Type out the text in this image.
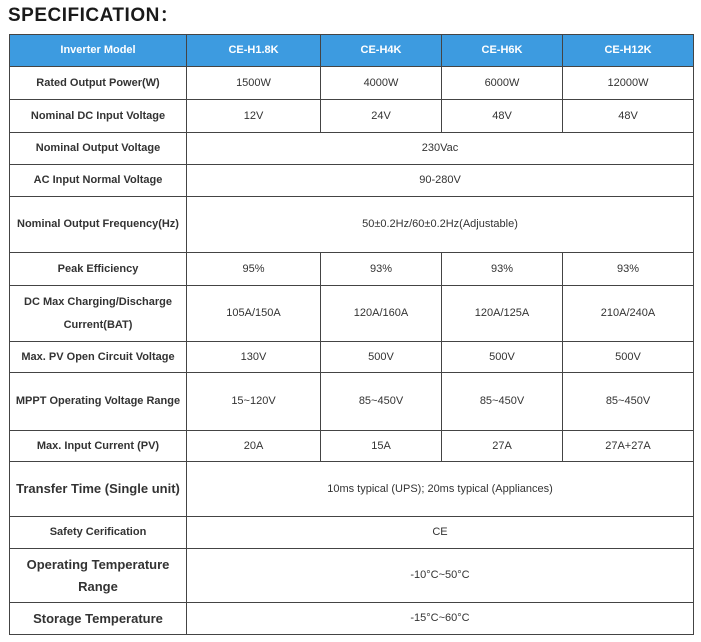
SPECIFICATION：
Inverter Model	CE-H1.8K	CE-H4K	CE-H6K	CE-H12K
Rated Output Power(W)	1500W	4000W	6000W	12000W
Nominal DC Input Voltage	12V	24V	48V	48V
Nominal Output Voltage	230Vac			
AC Input Normal Voltage	90-280V			
Nominal Output Frequency(Hz)	50±0.2Hz/60±0.2Hz(Adjustable)			
Peak Efficiency	95%	93%	93%	93%
DC Max Charging/Discharge Current(BAT)	105A/150A	120A/160A	120A/125A	210A/240A
Max. PV Open Circuit Voltage	130V	500V	500V	500V
MPPT Operating Voltage Range	15~120V	85~450V	85~450V	85~450V
Max. Input Current (PV)	20A	15A	27A	27A+27A
Transfer Time (Single unit)	10ms typical (UPS); 20ms typical (Appliances)			
Safety Cerification	CE			
Operating Temperature Range	-10°C~50°C			
Storage Temperature	-15°C~60°C			
